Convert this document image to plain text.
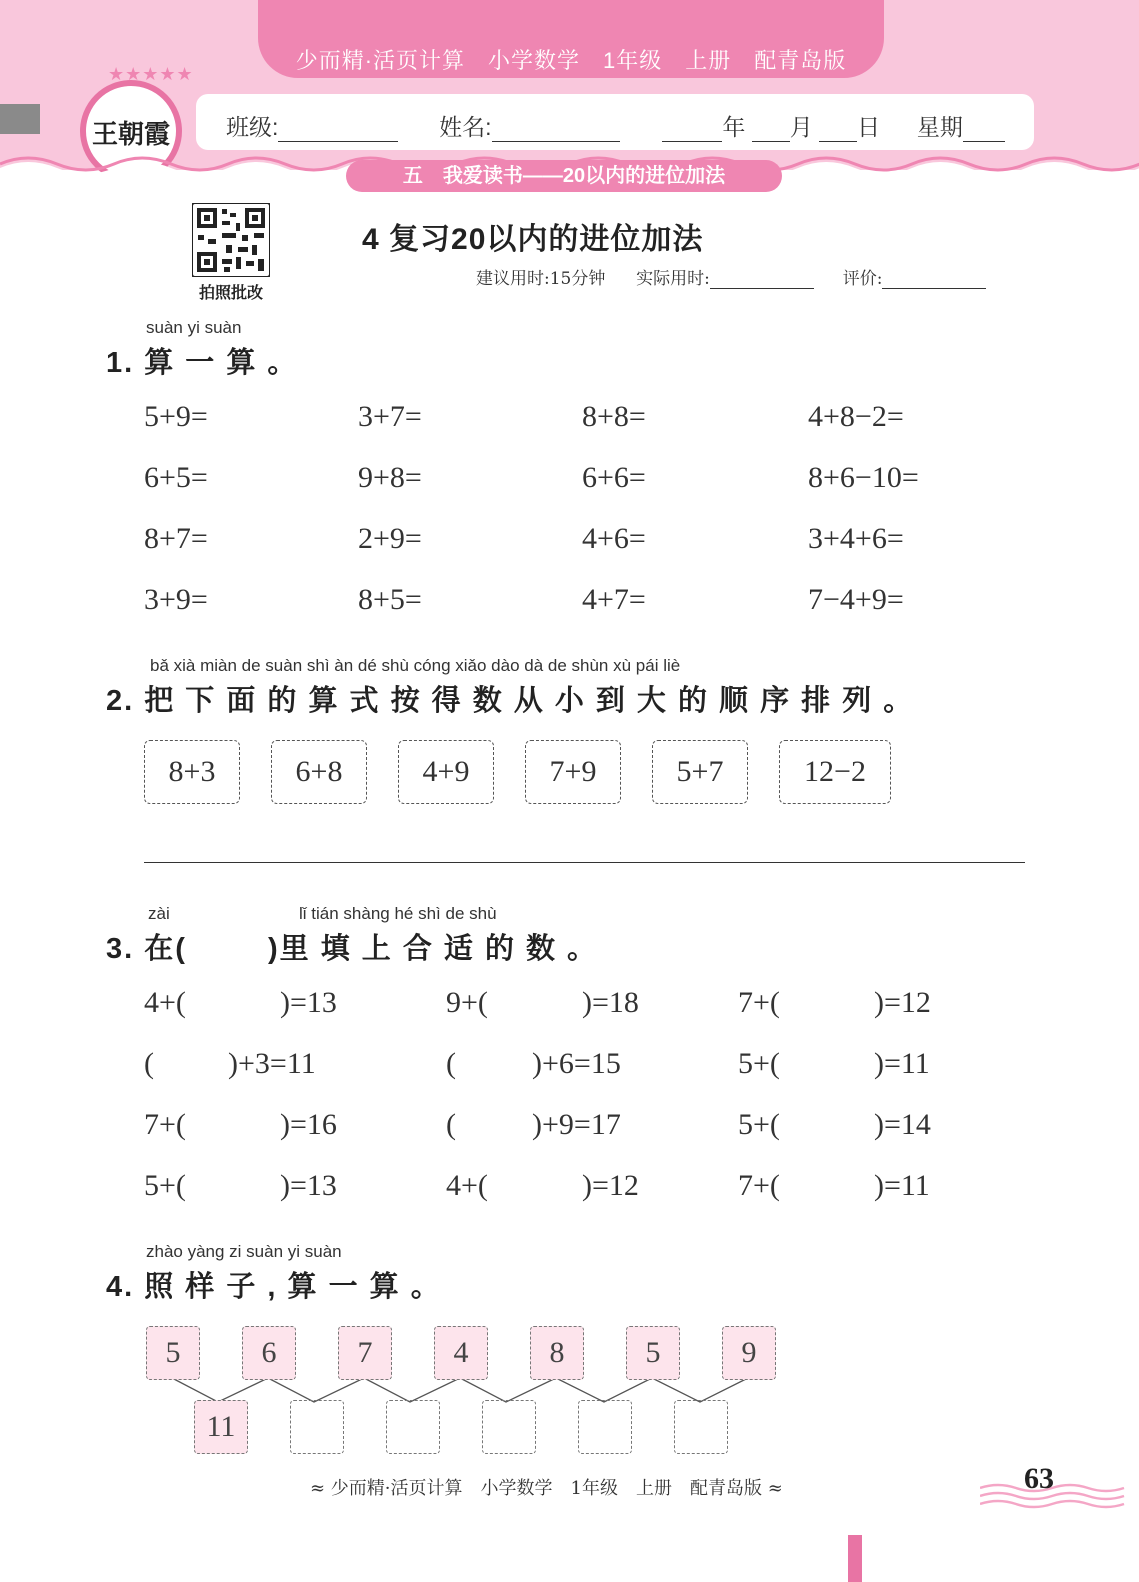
少而精·活页计算　小学数学　1年级　上册　配青岛版
★★★★★
王朝霞 班级:	姓名:	年 月 日 星期
五　我爱读书——20以内的进位加法
拍照批改
4 复习20以内的进位加法
建议用时:15分钟 实际用时:	评价:
suàn yi suàn
1. 算 一 算 。
5+9=	3+7=	8+8=	4+8−2=
6+5=	9+8=	6+6=	8+6−10=
8+7=	2+9=	4+6=	3+4+6=
3+9=	8+5=	4+7=	7−4+9=
bǎ xià miàn de suàn shì àn dé shù cóng xiǎo dào dà de shùn xù pái liè
2. 把 下 面 的 算 式 按 得 数 从 小 到 大 的 顺 序 排 列 。
8+3	6+8	4+9	7+9	5+7	12−2
zài	lǐ tián shàng hé shì de shù
3. 在(	)里 填 上 合 适 的 数 。
4+(	)=13	9+(	)=18	7+(	)=12
( )+3=11	(	)+6=15	5+(	)=11
7+(	)=16	(	)+9=17	5+(	)=14
5+(	)=13	4+(	)=12	7+(	)=11
zhào yàng zi suàn yi suàn
4. 照 样 子 , 算 一 算 。
5	6	7	4	8	5	9
11
≈ 少而精·活页计算　小学数学　1年级　上册　配青岛版 ≈	63
